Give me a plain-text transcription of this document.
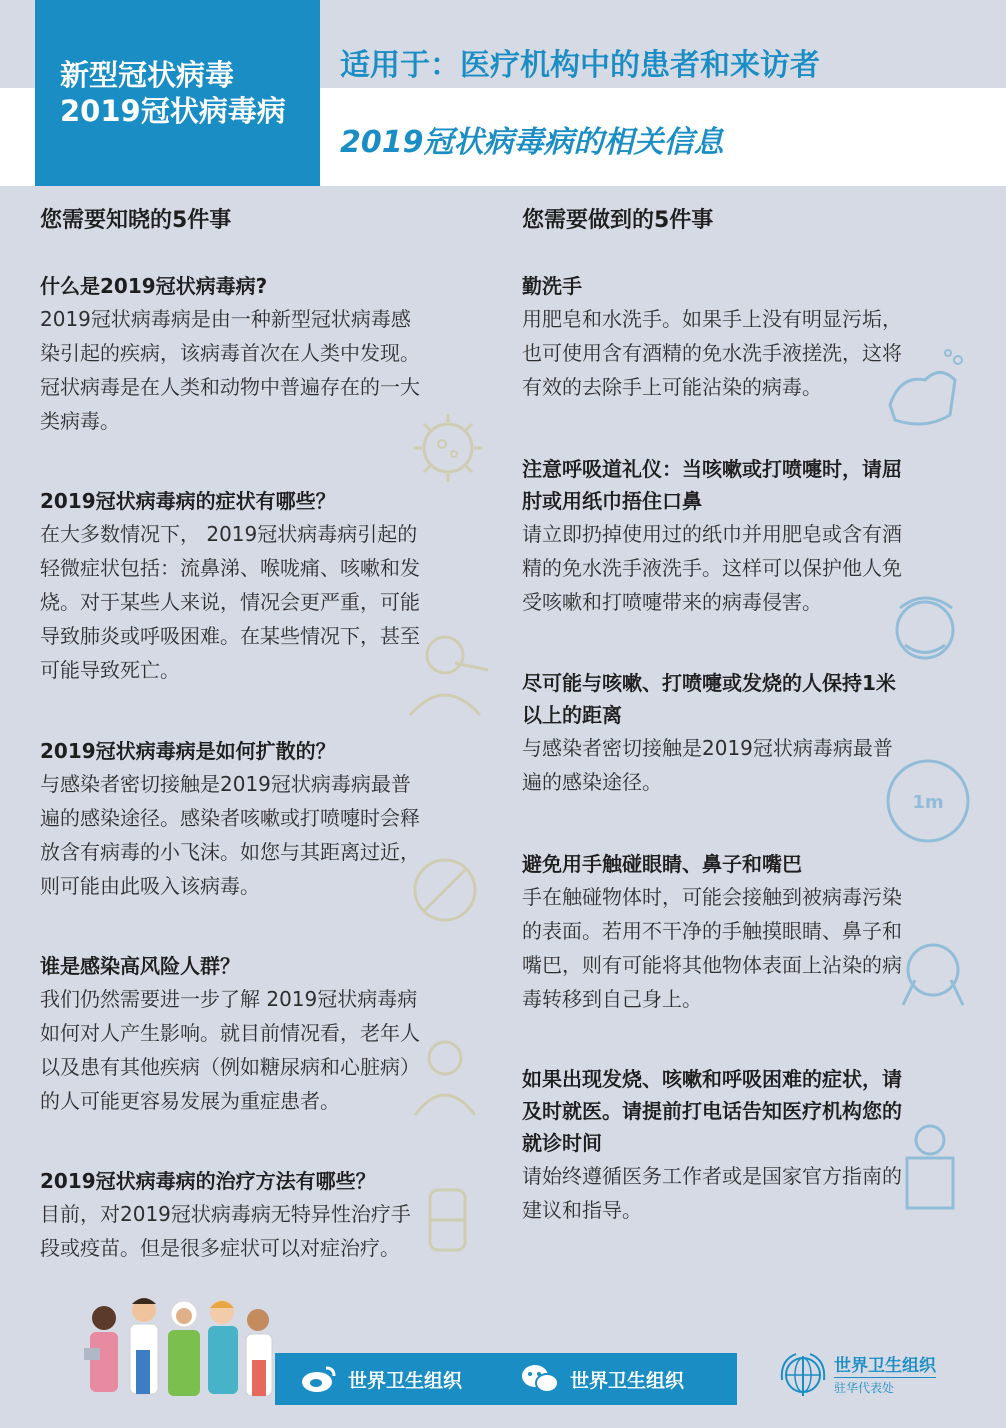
新型冠状病毒
2019冠状病毒病
适用于：医疗机构中的患者和来访者
2019冠状病毒病的相关信息
您需要知晓的5件事
什么是2019冠状病毒病?
2019冠状病毒病是由一种新型冠状病毒感
染引起的疾病，该病毒首次在人类中发现。
冠状病毒是在人类和动物中普遍存在的一大
类病毒。
2019冠状病毒病的症状有哪些？
在大多数情况下， 2019冠状病毒病引起的
轻微症状包括：流鼻涕、喉咙痛、咳嗽和发
烧。对于某些人来说，情况会更严重，可能
导致肺炎或呼吸困难。在某些情况下，甚至
可能导致死亡。
2019冠状病毒病是如何扩散的？
与感染者密切接触是2019冠状病毒病最普
遍的感染途径。感染者咳嗽或打喷嚏时会释
放含有病毒的小飞沫。如您与其距离过近，
则可能由此吸入该病毒。
谁是感染高风险人群？
我们仍然需要进一步了解 2019冠状病毒病
如何对人产生影响。就目前情况看，老年人
以及患有其他疾病（例如糖尿病和心脏病）
的人可能更容易发展为重症患者。
2019冠状病毒病的治疗方法有哪些？
目前，对2019冠状病毒病无特异性治疗手
段或疫苗。但是很多症状可以对症治疗。
您需要做到的5件事
勤洗手
用肥皂和水洗手。如果手上没有明显污垢，
也可使用含有酒精的免水洗手液搓洗，这将
有效的去除手上可能沾染的病毒。
注意呼吸道礼仪：当咳嗽或打喷嚏时，请屈
肘或用纸巾捂住口鼻
请立即扔掉使用过的纸巾并用肥皂或含有酒
精的免水洗手液洗手。这样可以保护他人免
受咳嗽和打喷嚏带来的病毒侵害。
尽可能与咳嗽、打喷嚏或发烧的人保持1米
以上的距离
与感染者密切接触是2019冠状病毒病最普
遍的感染途径。
避免用手触碰眼睛、鼻子和嘴巴
手在触碰物体时，可能会接触到被病毒污染
的表面。若用不干净的手触摸眼睛、鼻子和
嘴巴，则有可能将其他物体表面上沾染的病
毒转移到自己身上。
如果出现发烧、咳嗽和呼吸困难的症状，请
及时就医。请提前打电话告知医疗机构您的
就诊时间
请始终遵循医务工作者或是国家官方指南的
建议和指导。
1m
世界卫生组织	世界卫生组织
世界卫生组织
驻华代表处
